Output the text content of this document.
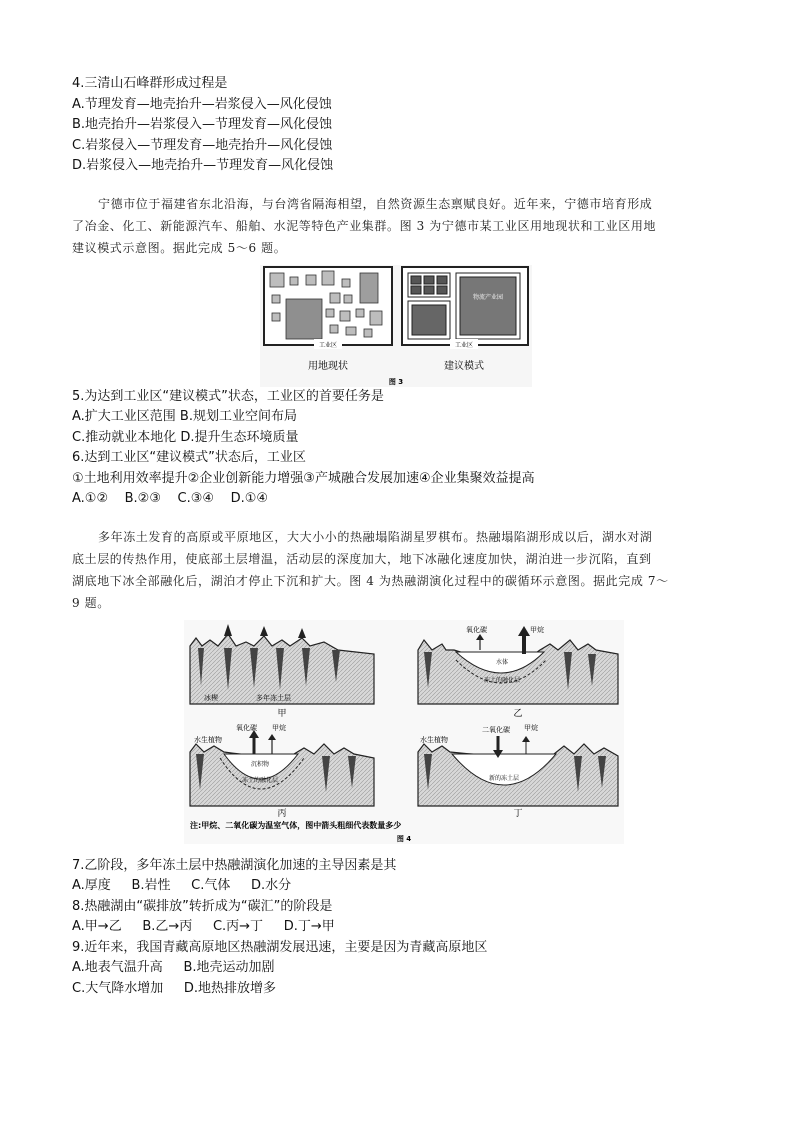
4.三清山石峰群形成过程是
A.节理发育—地壳抬升—岩浆侵入—风化侵蚀
B.地壳抬升—岩浆侵入—节理发育—风化侵蚀
C.岩浆侵入—节理发育—地壳抬升—风化侵蚀
D.岩浆侵入—地壳抬升—节理发育—风化侵蚀
宁德市位于福建省东北沿海，与台湾省隔海相望，自然资源生态禀赋良好。近年来，宁德市培育形成
了冶金、化工、新能源汽车、船舶、水泥等特色产业集群。图 3 为宁德市某工业区用地现状和工业区用地
建议模式示意图。据此完成 5～6 题。
工业区
物流产业园
工业区
用地现状	建议模式
图 3
5.为达到工业区“建议模式”状态，工业区的首要任务是
A.扩大工业区范围 B.规划工业空间布局
C.推动就业本地化 D.提升生态环境质量
6.达到工业区“建议模式”状态后，工业区
①土地利用效率提升②企业创新能力增强③产城融合发展加速④企业集聚效益提高
A.①②    B.②③    C.③④    D.①④
多年冻土发育的高原或平原地区，大大小小的热融塌陷湖星罗棋布。热融塌陷湖形成以后，湖水对湖
底土层的传热作用，使底部土层增温，活动层的深度加大，地下冰融化速度加快，湖泊进一步沉陷，直到
湖底地下冰全部融化后，湖泊才停止下沉和扩大。图 4 为热融湖演化过程中的碳循环示意图。据此完成 7～
9 题。
冰楔	多年冻土层
甲
氧化碳	甲烷
水体
冻土的融化层
乙
水生植物
氧化碳 甲烷
沉积物
冻土的融化层
丙
水生植物
二氧化碳 甲烷
新的冻土层
丁
注:甲烷、二氧化碳为温室气体，图中箭头粗细代表数量多少
图 4
7.乙阶段，多年冻土层中热融湖演化加速的主导因素是其
A.厚度     B.岩性     C.气体     D.水分
8.热融湖由“碳排放”转折成为“碳汇”的阶段是
A.甲→乙     B.乙→丙     C.丙→丁     D.丁→甲
9.近年来，我国青藏高原地区热融湖发展迅速，主要是因为青藏高原地区
A.地表气温升高     B.地壳运动加剧
C.大气降水增加     D.地热排放增多
